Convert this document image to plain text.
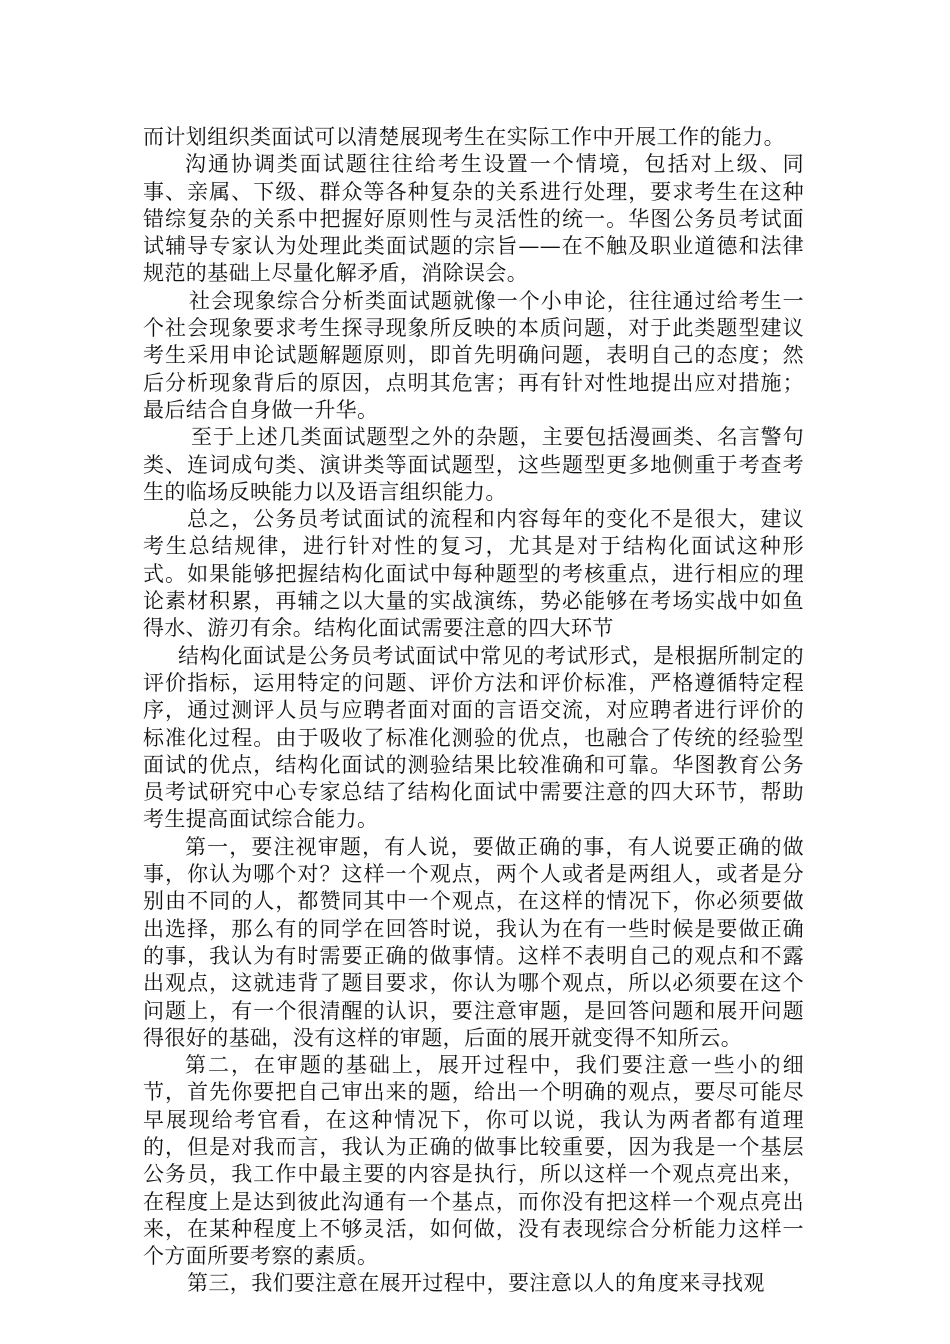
而计划组织类面试可以清楚展现考生在实际工作中开展工作的能力。

沟通协调类面试题往往给考生设置一个情境，包括对上级、同事、亲属、下级、群众等各种复杂的关系进行处理，要求考生在这种错综复杂的关系中把握好原则性与灵活性的统一。华图公务员考试面试辅导专家认为处理此类面试题的宗旨——在不触及职业道德和法律规范的基础上尽量化解矛盾，消除误会。

社会现象综合分析类面试题就像一个小申论，往往通过给考生一个社会现象要求考生探寻现象所反映的本质问题，对于此类题型建议考生采用申论试题解题原则，即首先明确问题，表明自己的态度；然后分析现象背后的原因，点明其危害；再有针对性地提出应对措施；最后结合自身做一升华。

至于上述几类面试题型之外的杂题，主要包括漫画类、名言警句类、连词成句类、演讲类等面试题型，这些题型更多地侧重于考查考生的临场反映能力以及语言组织能力。

总之，公务员考试面试的流程和内容每年的变化不是很大，建议考生总结规律，进行针对性的复习，尤其是对于结构化面试这种形式。如果能够把握结构化面试中每种题型的考核重点，进行相应的理论素材积累，再辅之以大量的实战演练，势必能够在考场实战中如鱼得水、游刃有余。结构化面试需要注意的四大环节

结构化面试是公务员考试面试中常见的考试形式，是根据所制定的评价指标，运用特定的问题、评价方法和评价标准，严格遵循特定程序，通过测评人员与应聘者面对面的言语交流，对应聘者进行评价的标准化过程。由于吸收了标准化测验的优点，也融合了传统的经验型面试的优点，结构化面试的测验结果比较准确和可靠。华图教育公务员考试研究中心专家总结了结构化面试中需要注意的四大环节，帮助考生提高面试综合能力。

第一，要注视审题，有人说，要做正确的事，有人说要正确的做事，你认为哪个对？这样一个观点，两个人或者是两组人，或者是分别由不同的人，都赞同其中一个观点，在这样的情况下，你必须要做出选择，那么有的同学在回答时说，我认为在有一些时候是要做正确的事，我认为有时需要正确的做事情。这样不表明自己的观点和不露出观点，这就违背了题目要求，你认为哪个观点，所以必须要在这个问题上，有一个很清醒的认识，要注意审题，是回答问题和展开问题得很好的基础，没有这样的审题，后面的展开就变得不知所云。

第二，在审题的基础上，展开过程中，我们要注意一些小的细节，首先你要把自己审出来的题，给出一个明确的观点，要尽可能尽早展现给考官看，在这种情况下，你可以说，我认为两者都有道理的，但是对我而言，我认为正确的做事比较重要，因为我是一个基层公务员，我工作中最主要的内容是执行，所以这样一个观点亮出来，在程度上是达到彼此沟通有一个基点，而你没有把这样一个观点亮出来，在某种程度上不够灵活，如何做，没有表现综合分析能力这样一个方面所要考察的素质。

第三，我们要注意在展开过程中，要注意以人的角度来寻找观
